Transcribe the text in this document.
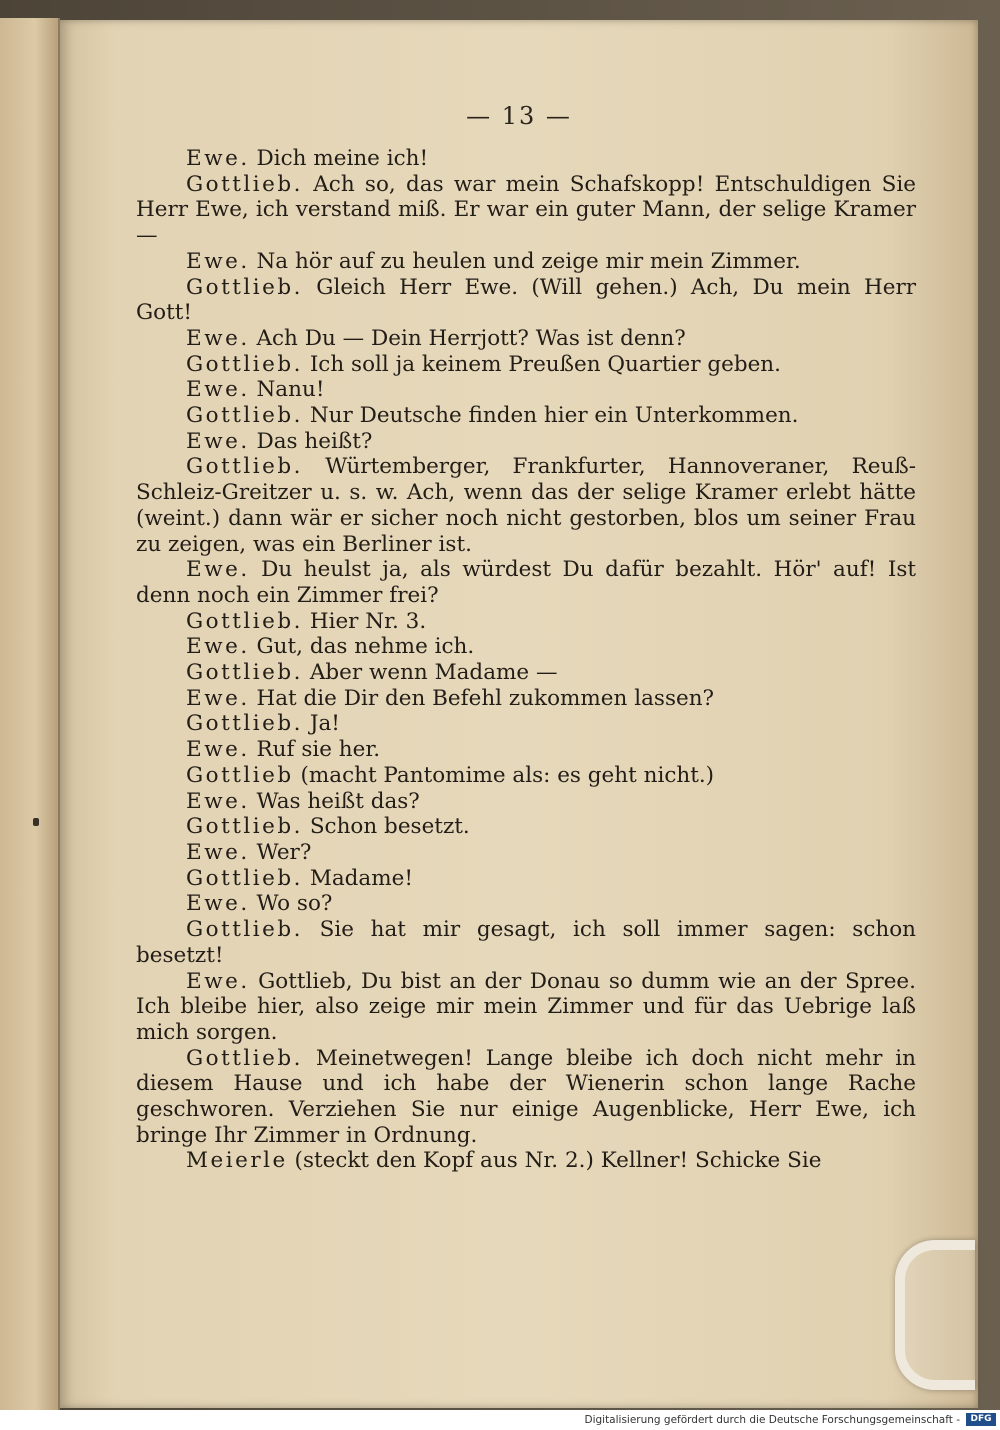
— 13 —
Ewe. Dich meine ich!
Gottlieb. Ach so, das war mein Schafskopp! Entschuldigen Sie Herr Ewe, ich verstand miß. Er war ein guter Mann, der selige Kramer —
Ewe. Na hör auf zu heulen und zeige mir mein Zimmer.
Gottlieb. Gleich Herr Ewe. (Will gehen.) Ach, Du mein Herr Gott!
Ewe. Ach Du — Dein Herrjott? Was ist denn?
Gottlieb. Ich soll ja keinem Preußen Quartier geben.
Ewe. Nanu!
Gottlieb. Nur Deutsche finden hier ein Unterkommen.
Ewe. Das heißt?
Gottlieb. Würtemberger, Frankfurter, Hannoveraner, Reuß-Schleiz-Greitzer u. s. w. Ach, wenn das der selige Kramer erlebt hätte (weint.) dann wär er sicher noch nicht gestorben, blos um seiner Frau zu zeigen, was ein Berliner ist.
Ewe. Du heulst ja, als würdest Du dafür bezahlt. Hör' auf! Ist denn noch ein Zimmer frei?
Gottlieb. Hier Nr. 3.
Ewe. Gut, das nehme ich.
Gottlieb. Aber wenn Madame —
Ewe. Hat die Dir den Befehl zukommen lassen?
Gottlieb. Ja!
Ewe. Ruf sie her.
Gottlieb (macht Pantomime als: es geht nicht.)
Ewe. Was heißt das?
Gottlieb. Schon besetzt.
Ewe. Wer?
Gottlieb. Madame!
Ewe. Wo so?
Gottlieb. Sie hat mir gesagt, ich soll immer sagen: schon besetzt!
Ewe. Gottlieb, Du bist an der Donau so dumm wie an der Spree. Ich bleibe hier, also zeige mir mein Zimmer und für das Uebrige laß mich sorgen.
Gottlieb. Meinetwegen! Lange bleibe ich doch nicht mehr in diesem Hause und ich habe der Wienerin schon lange Rache geschworen. Verziehen Sie nur einige Augenblicke, Herr Ewe, ich bringe Ihr Zimmer in Ordnung.
Meierle (steckt den Kopf aus Nr. 2.) Kellner! Schicke Sie
Digitalisierung gefördert durch die Deutsche Forschungsgemeinschaft -	DFG
